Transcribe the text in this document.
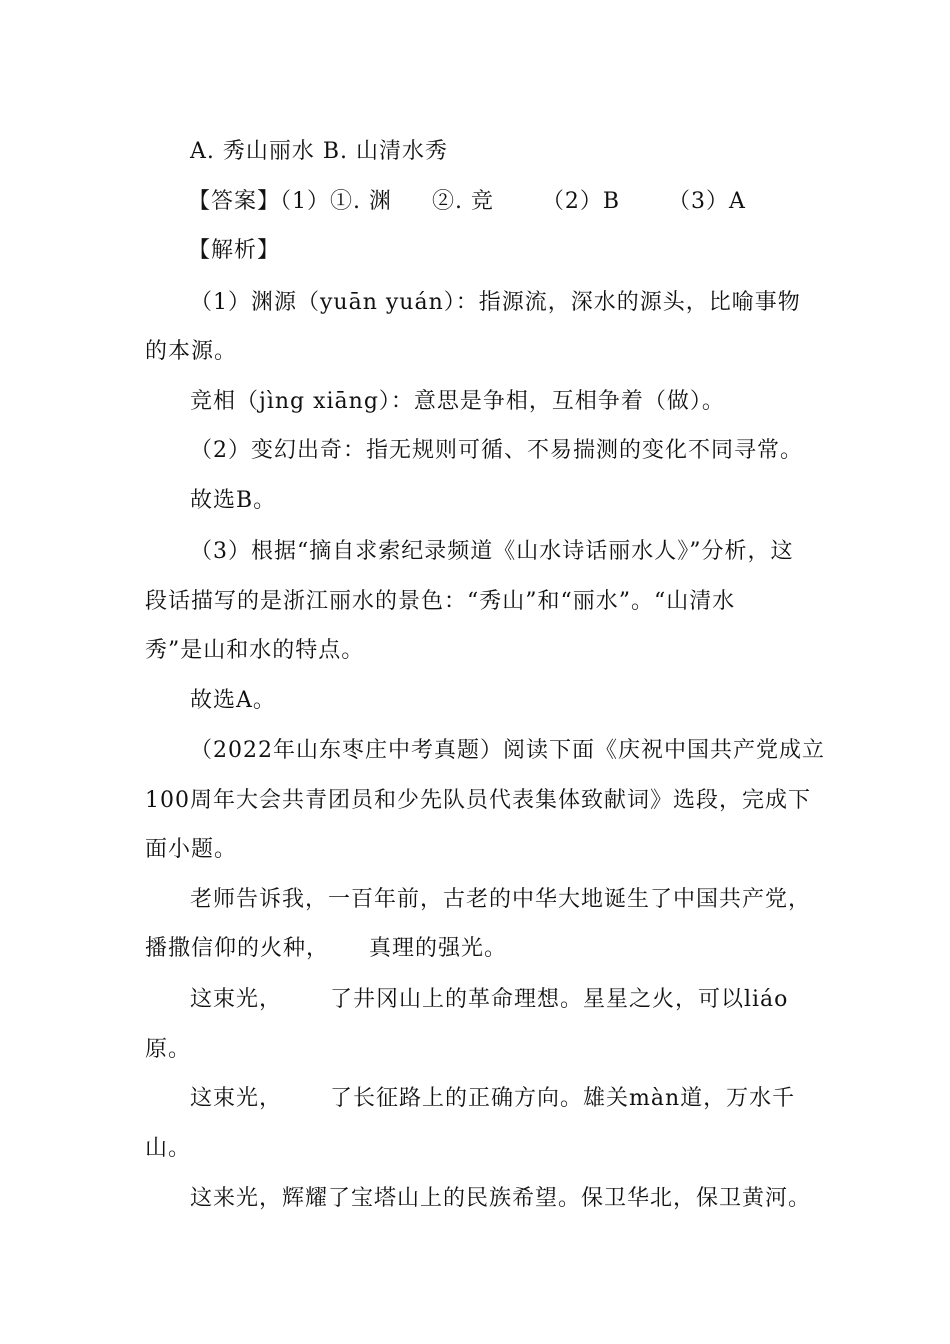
A. 秀山丽水 B. 山清水秀
【答案】（1）①. 渊     ②. 竞      （2）B      （3）A
【解析】
（1）渊源（yuān yuán）：指源流，深水的源头，比喻事物
的本源。
竞相（jìng xiāng）：意思是争相，互相争着（做）。
（2）变幻出奇：指无规则可循、不易揣测的变化不同寻常。
故选B。
（3）根据“摘自求索纪录频道《山水诗话丽水人》”分析，这
段话描写的是浙江丽水的景色：“秀山”和“丽水”。“山清水
秀”是山和水的特点。
故选A。
（2022年山东枣庄中考真题）阅读下面《庆祝中国共产党成立
100周年大会共青团员和少先队员代表集体致献词》选段，完成下
面小题。
老师告诉我，一百年前，古老的中华大地诞生了中国共产党，
播撒信仰的火种，     真理的强光。
这束光，      了井冈山上的革命理想。星星之火，可以liáo
原。
这束光，      了长征路上的正确方向。雄关màn道，万水千
山。
这来光，辉耀了宝塔山上的民族希望。保卫华北，保卫黄河。
